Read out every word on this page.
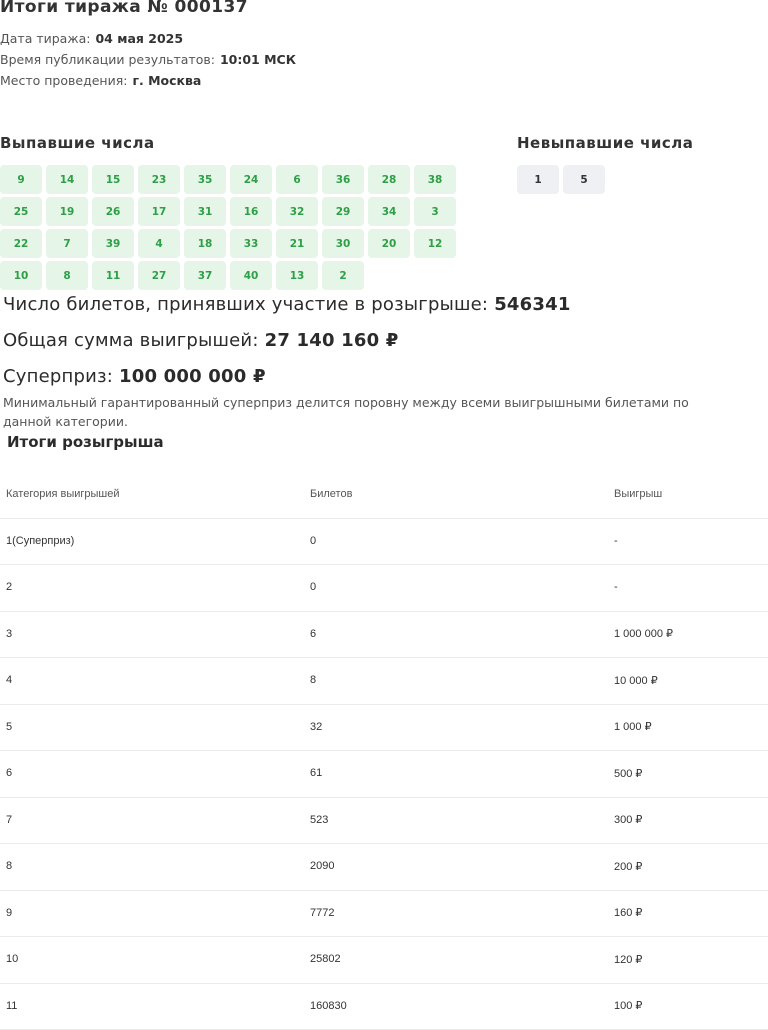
Итоги тиража № 000137
Дата тиража: 04 мая 2025
Время публикации результатов: 10:01 МСК
Место проведения: г. Москва
Выпавшие числа	Невыпавшие числа
9	14	15	23	35	24	6	36	28	38
25	19	26	17	31	16	32	29	34	3
22	7	39	4	18	33	21	30	20	12
10	8	11	27	37	40	13	2
1	5
Число билетов, принявших участие в розыгрыше: 546341
Общая сумма выигрышей: 27 140 160 ₽
Суперприз: 100 000 000 ₽
Минимальный гарантированный суперприз делится поровну между всеми выигрышными билетами по данной категории.
Итоги розыгрыша
Категория выигрышей	Билетов	Выигрыш
1(Суперприз)	0	-
2	0	-
3	6	1 000 000 ₽
4	8	10 000 ₽
5	32	1 000 ₽
6	61	500 ₽
7	523	300 ₽
8	2090	200 ₽
9	7772	160 ₽
10	25802	120 ₽
11	160830	100 ₽
